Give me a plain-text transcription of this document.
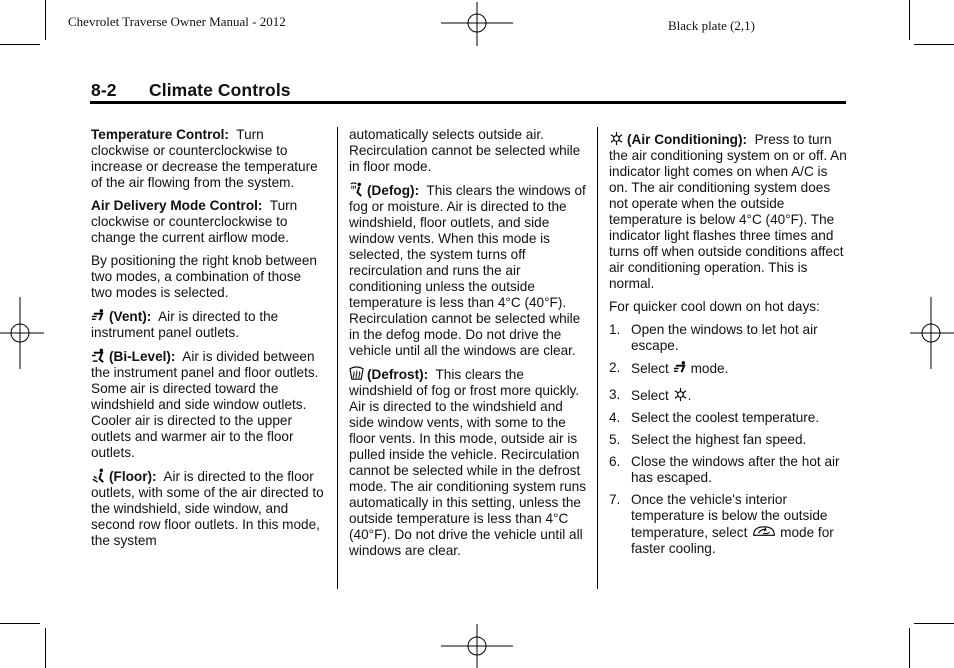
Chevrolet Traverse Owner Manual - 2012	Black plate (2,1)
8-2 Climate Controls

Temperature Control: Turn clockwise or counterclockwise to increase or decrease the temperature of the air flowing from the system.

Air Delivery Mode Control: Turn clockwise or counterclockwise to change the current airflow mode.

By positioning the right knob between two modes, a combination of those two modes is selected.

(Vent): Air is directed to the instrument panel outlets.

(Bi-Level): Air is divided between the instrument panel and floor outlets. Some air is directed toward the windshield and side window outlets. Cooler air is directed to the upper outlets and warmer air to the floor outlets.

(Floor): Air is directed to the floor outlets, with some of the air directed to the windshield, side window, and second row floor outlets. In this mode, the system

automatically selects outside air. Recirculation cannot be selected while in floor mode.

(Defog): This clears the windows of fog or moisture. Air is directed to the windshield, floor outlets, and side window vents. When this mode is selected, the system turns off recirculation and runs the air conditioning unless the outside temperature is less than 4°C (40°F). Recirculation cannot be selected while in the defog mode. Do not drive the vehicle until all the windows are clear.

(Defrost): This clears the windshield of fog or frost more quickly. Air is directed to the windshield and side window vents, with some to the floor vents. In this mode, outside air is pulled inside the vehicle. Recirculation cannot be selected while in the defrost mode. The air conditioning system runs automatically in this setting, unless the outside temperature is less than 4°C (40°F). Do not drive the vehicle until all windows are clear.

(Air Conditioning): Press to turn the air conditioning system on or off. An indicator light comes on when A/C is on. The air conditioning system does not operate when the outside temperature is below 4°C (40°F). The indicator light flashes three times and turns off when outside conditions affect air conditioning operation. This is normal.

For quicker cool down on hot days:

1. Open the windows to let hot air escape.
2. Select mode.
3. Select .
4. Select the coolest temperature.
5. Select the highest fan speed.
6. Close the windows after the hot air has escaped.
7. Once the vehicle's interior temperature is below the outside temperature, select mode for faster cooling.
